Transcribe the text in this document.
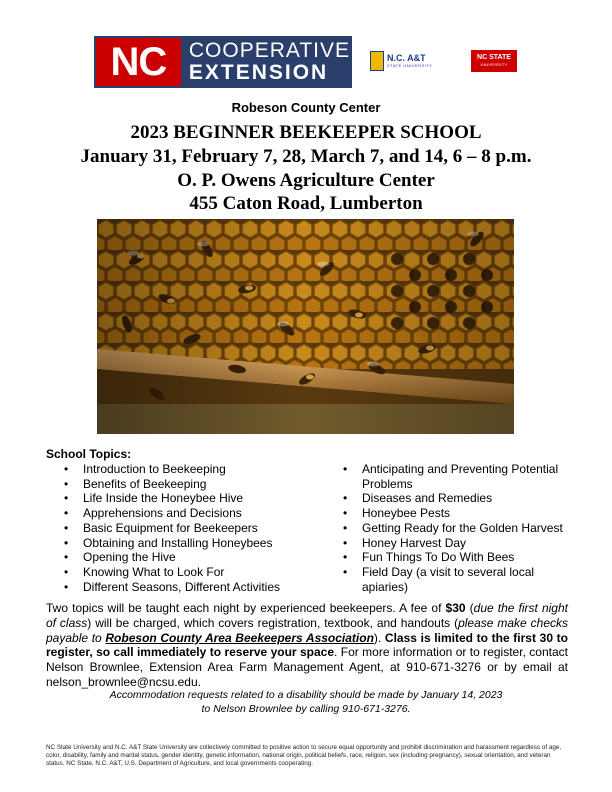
NC	COOPERATIVE
EXTENSION
N.C. A&T
STATE UNIVERSITY
NC STATE
UNIVERSITY
Robeson County Center
2023 BEGINNER BEEKEEPER SCHOOL
January 31, February 7, 28, March 7, and 14, 6 – 8 p.m.
O. P. Owens Agriculture Center
455 Caton Road, Lumberton
School Topics:
• Introduction to Beekeeping
• Benefits of Beekeeping
• Life Inside the Honeybee Hive
• Apprehensions and Decisions
• Basic Equipment for Beekeepers
• Obtaining and Installing Honeybees
• Opening the Hive
• Knowing What to Look For
• Different Seasons, Different Activities
• Anticipating and Preventing Potential Problems
• Diseases and Remedies
• Honeybee Pests
• Getting Ready for the Golden Harvest
• Honey Harvest Day
• Fun Things To Do With Bees
• Field Day (a visit to several local apiaries)

Two topics will be taught each night by experienced beekeepers. A fee of $30 (due the first night of class) will be charged, which covers registration, textbook, and handouts (please make checks payable to Robeson County Area Beekeepers Association). Class is limited to the first 30 to register, so call immediately to reserve your space. For more information or to register, contact Nelson Brownlee, Extension Area Farm Management Agent, at 910-671-3276 or by email at nelson_brownlee@ncsu.edu.

Accommodation requests related to a disability should be made by January 14, 2023
to Nelson Brownlee by calling 910-671-3276.
NC State University and N.C. A&T State University are collectively committed to positive action to secure equal opportunity and prohibit discrimination and harassment regardless of age, color, disability, family and marital status, gender identity, genetic information, national origin, political beliefs, race, religion, sex (including pregnancy), sexual orientation, and veteran status. NC State, N.C. A&T, U.S. Department of Agriculture, and local governments cooperating.
